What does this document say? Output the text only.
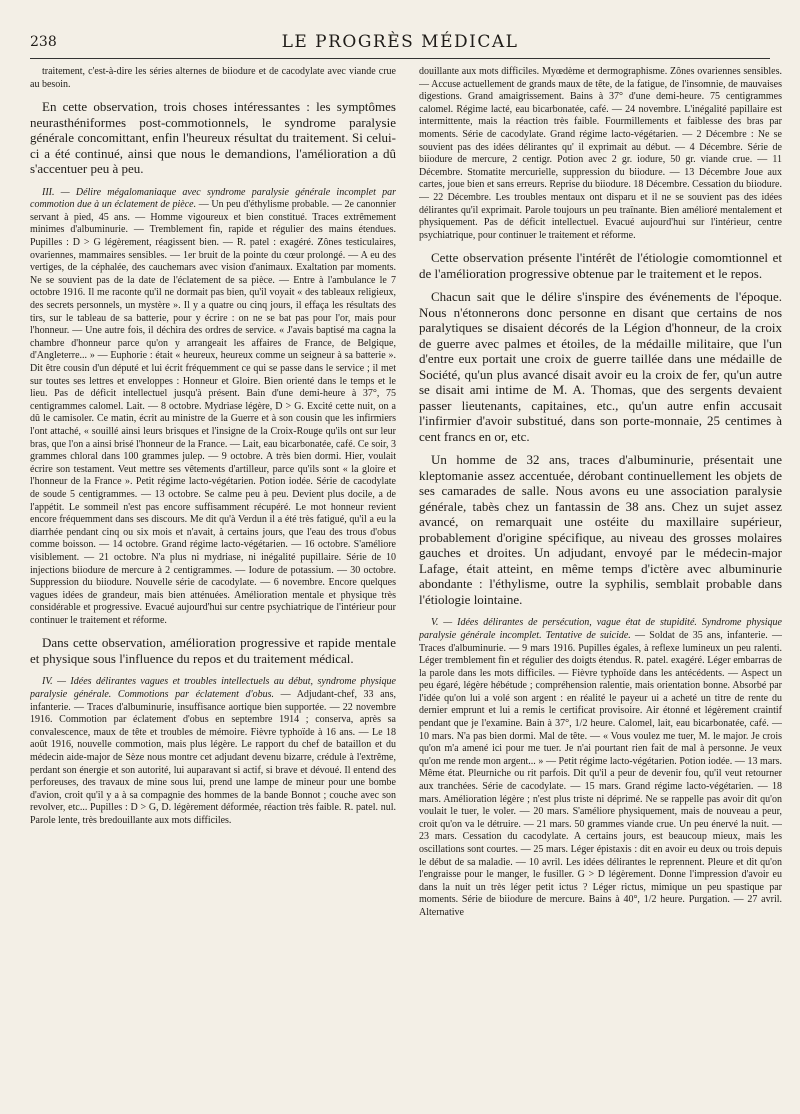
238	LE PROGRÈS MÉDICAL

traitement, c'est-à-dire les séries alternes de biiodure et de cacodylate avec viande crue au besoin.

En cette observation, trois choses intéressantes : les symptômes neurasthéniformes post-commotionnels, le syndrome paralysie générale concomittant, enfin l'heureux résultat du traitement. Si celui-ci a été continué, ainsi que nous le demandions, l'amélioration a dû s'accentuer peu à peu.

III. — Délire mégalomaniaque avec syndrome paralysie générale incomplet par commotion due à un éclatement de pièce. — Un peu d'éthylisme probable. — 2e canonnier servant à pied, 45 ans. — Homme vigoureux et bien constitué. Traces extrêmement minimes d'albuminurie. — Tremblement fin, rapide et régulier des mains étendues. Pupilles : D > G légèrement, réagissent bien. — R. patel : exagéré. Zônes testiculaires, ovariennes, mammaires sensibles. — 1er bruit de la pointe du cœur prolongé. — A eu des vertiges, de la céphalée, des cauchemars avec vision d'animaux. Exaltation par moments. Ne se souvient pas de la date de l'éclatement de sa pièce. — Entre à l'ambulance le 7 octobre 1916. Il me raconte qu'il ne dormait pas bien, qu'il voyait « des tableaux religieux, des secrets personnels, un mystère ». Il y a quatre ou cinq jours, il effaça les résultats des tirs, sur le tableau de sa batterie, pour y écrire : on ne se bat pas pour l'or, mais pour l'honneur. — Une autre fois, il déchira des ordres de service. « J'avais baptisé ma cagna la chambre d'honneur parce qu'on y arrangeait les affaires de France, de Belgique, d'Angleterre... » — Euphorie : était « heureux, heureux comme un seigneur à sa batterie ». Dit être cousin d'un député et lui écrit fréquemment ce qui se passe dans le service ; il met sur toutes ses lettres et enveloppes : Honneur et Gloire. Bien orienté dans le temps et le lieu. Pas de déficit intellectuel jusqu'à présent. Bain d'une demi-heure à 37°, 75 centigrammes calomel. Lait. — 8 octobre. Mydriase légère, D > G. Excité cette nuit, on a dû le camisoler. Ce matin, écrit au ministre de la Guerre et à son cousin que les infirmiers l'ont attaché, « souillé ainsi leurs brisques et l'insigne de la Croix-Rouge qu'ils ont sur leur bras, que l'on a ainsi brisé l'honneur de la France. — Lait, eau bicarbonatée, café. Ce soir, 3 grammes chloral dans 100 grammes julep. — 9 octobre. A très bien dormi. Hier, voulait écrire son testament. Veut mettre ses vêtements d'artilleur, parce qu'ils sont « la gloire et l'honneur de la France ». Petit régime lacto-végétarien. Potion iodée. Série de cacodylate de soude 5 centigrammes. — 13 octobre. Se calme peu à peu. Devient plus docile, a de l'appétit. Le sommeil n'est pas encore suffisamment récupéré. Le mot honneur revient encore fréquemment dans ses discours. Me dit qu'à Verdun il a été très fatigué, qu'il a eu la diarrhée pendant cinq ou six mois et n'avait, à certains jours, que l'eau des trous d'obus comme boisson. — 14 octobre. Grand régime lacto-végétarien. — 16 octobre. S'améliore visiblement. — 21 octobre. N'a plus ni mydriase, ni inégalité pupillaire. Série de 10 injections biiodure de mercure à 2 centigrammes. — Iodure de potassium. — 30 octobre. Suppression du biiodure. Nouvelle série de cacodylate. — 6 novembre. Encore quelques vagues idées de grandeur, mais bien atténuées. Amélioration mentale et physique très considérable et progressive. Evacué aujourd'hui sur centre psychiatrique de l'intérieur pour continuer le traitement et réforme.

Dans cette observation, amélioration progressive et rapide mentale et physique sous l'influence du repos et du traitement médical.

IV. — Idées délirantes vagues et troubles intellectuels au début, syndrome physique paralysie générale. Commotions par éclatement d'obus. — Adjudant-chef, 33 ans, infanterie. — Traces d'albuminurie, insuffisance aortique bien supportée. — 22 novembre 1916. Commotion par éclatement d'obus en septembre 1914 ; conserva, après sa convalescence, maux de tête et troubles de mémoire. Fièvre typhoïde à 16 ans. — Le 18 août 1916, nouvelle commotion, mais plus légère. Le rapport du chef de bataillon et du médecin aide-major de Sèze nous montre cet adjudant devenu bizarre, crédule à l'extrême, perdant son énergie et son autorité, lui auparavant si actif, si brave et dévoué. Il entend des perforeuses, des travaux de mine sous lui, prend une lampe de mineur pour une bombe d'avion, croit qu'il y a à sa compagnie des hommes de la bande Bonnot ; couche avec son revolver, etc... Pupilles : D > G, D. légèrement déformée, réaction très faible. R. patel. nul. Parole lente, très bredouillante aux mots difficiles.

douillante aux mots difficiles. Myœdème et dermographisme. Zônes ovariennes sensibles. — Accuse actuellement de grands maux de tête, de la fatigue, de l'insomnie, de mauvaises digestions. Grand amaigrissement. Bains à 37° d'une demi-heure. 75 centigrammes calomel. Régime lacté, eau bicarbonatée, café. — 24 novembre. L'inégalité papillaire est intermittente, mais la réaction très faible. Fourmillements et faiblesse des bras par moments. Série de cacodylate. Grand régime lacto-végétarien. — 2 Décembre : Ne se souvient pas des idées délirantes qu' il exprimait au début. — 4 Décembre. Série de biiodure de mercure, 2 centigr. Potion avec 2 gr. iodure, 50 gr. viande crue. — 11 Décembre. Stomatite mercurielle, suppression du biiodure. — 13 Décembre Joue aux cartes, joue bien et sans erreurs. Reprise du biiodure. 18 Décembre. Cessation du biiodure. — 22 Décembre. Les troubles mentaux ont disparu et il ne se souvient pas des idées délirantes qu'il exprimait. Parole toujours un peu traînante. Bien amélioré mentalement et physiquement. Pas de déficit intellectuel. Evacué aujourd'hui sur l'intérieur, centre psychiatrique, pour continuer le traitement et réforme.

Cette observation présente l'intérêt de l'étiologie comomtionnel et de l'amélioration progressive obtenue par le traitement et le repos.

Chacun sait que le délire s'inspire des événements de l'époque. Nous n'étonnerons donc personne en disant que certains de nos paralytiques se disaient décorés de la Légion d'honneur, de la croix de guerre avec palmes et étoiles, de la médaille militaire, que l'un d'entre eux portait une croix de guerre taillée dans une médaille de Société, qu'un plus avancé disait avoir eu la croix de fer, qu'un autre se disait ami intime de M. A. Thomas, que des sergents devaient passer lieutenants, capitaines, etc., qu'un autre enfin accusait l'infirmier d'avoir substitué, dans son porte-monnaie, 25 centimes à cent francs en or, etc.

Un homme de 32 ans, traces d'albuminurie, présentait une kleptomanie assez accentuée, dérobant continuellement les objets de ses camarades de salle. Nous avons eu une association paralysie générale, tabès chez un fantassin de 38 ans. Chez un sujet assez avancé, on remarquait une ostéite du maxillaire supérieur, probablement d'origine spécifique, au niveau des grosses molaires gauches et droites. Un adjudant, envoyé par le médecin-major Lafage, était atteint, en même temps d'ictère avec albuminurie abondante : l'éthylisme, outre la syphilis, semblait probable dans l'étiologie lointaine.

V. — Idées délirantes de persécution, vague état de stupidité. Syndrome physique paralysie générale incomplet. Tentative de suicide. — Soldat de 35 ans, infanterie. — Traces d'albuminurie. — 9 mars 1916. Pupilles égales, à reflexe lumineux un peu ralenti. Léger tremblement fin et régulier des doigts étendus. R. patel. exagéré. Léger embarras de la parole dans les mots difficiles. — Fièvre typhoïde dans les antécédents. — Aspect un peu égaré, légère hébétude ; compréhension ralentie, mais orientation bonne. Absorbé par l'idée qu'on lui a volé son argent : en réalité le payeur ui a acheté un titre de rente du dernier emprunt et lui a remis le certificat provisoire. Air étonné et légèrement craintif pendant que je l'examine. Bain à 37°, 1/2 heure. Calomel, lait, eau bicarbonatée, café. — 10 mars. N'a pas bien dormi. Mal de tête. — « Vous voulez me tuer, M. le major. Je crois qu'on m'a amené ici pour me tuer. Je n'ai pourtant rien fait de mal à personne. Je veux qu'on me rende mon argent... » — Petit régime lacto-végétarien. Potion iodée. — 13 mars. Même état. Pleurniche ou rit parfois. Dit qu'il a peur de devenir fou, qu'il veut retourner aux tranchées. Série de cacodylate. — 15 mars. Grand régime lacto-végétarien. — 18 mars. Amélioration légère ; n'est plus triste ni déprimé. Ne se rappelle pas avoir dit qu'on voulait le tuer, le voler. — 20 mars. S'améliore physiquement, mais de nouveau a peur, croit qu'on va le détruire. — 21 mars. 50 grammes viande crue. Un peu énervé la nuit. — 23 mars. Cessation du cacodylate. A certains jours, est beaucoup mieux, mais les oscillations sont courtes. — 25 mars. Léger épistaxis : dit en avoir eu deux ou trois depuis le début de sa maladie. — 10 avril. Les idées délirantes le reprennent. Pleure et dit qu'on l'engraisse pour le manger, le fusiller. G > D légèrement. Donne l'impression d'avoir eu dans la nuit un très léger petit ictus ? Léger rictus, mimique un peu spastique par moments. Série de biiodure de mercure. Bains à 40°, 1/2 heure. Purgation. — 27 avril. Alternative
